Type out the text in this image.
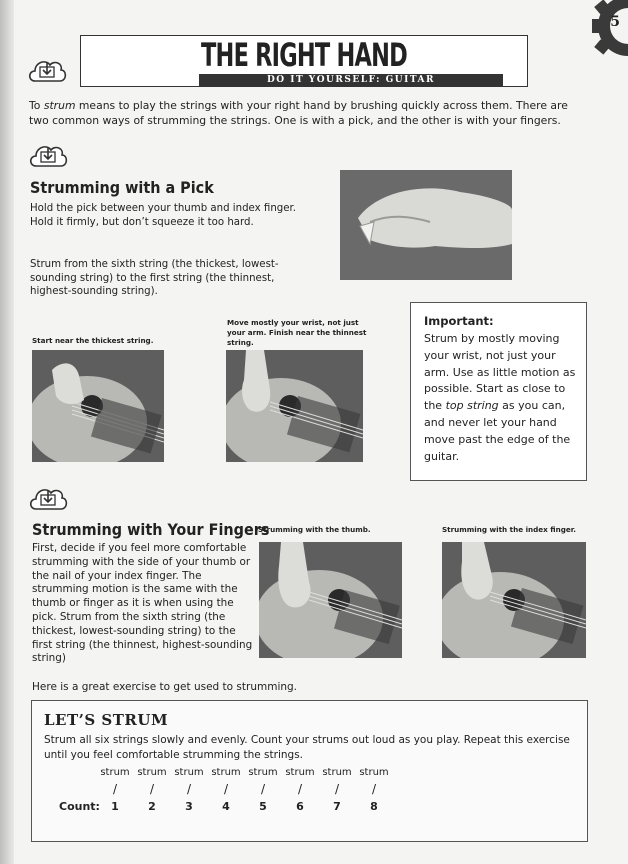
5
THE RIGHT HAND
DO IT YOURSELF: GUITAR
To strum means to play the strings with your right hand by brushing quickly across them. There are two common ways of strumming the strings. One is with a pick, and the other is with your fingers.
Strumming with a Pick
Hold the pick between your thumb and index finger. Hold it firmly, but don’t squeeze it too hard.
Strum from the sixth string (the thickest, lowest-sounding string) to the first string (the thinnest, highest-sounding string).
Start near the thickest string.
Move mostly your wrist, not just your arm. Finish near the thinnest string.
Important:
Strum by mostly moving your wrist, not just your arm. Use as little motion as possible. Start as close to the top string as you can, and never let your hand move past the edge of the guitar.
Strumming with Your Fingers
First, decide if you feel more comfortable strumming with the side of your thumb or the nail of your index finger. The strumming motion is the same with the thumb or finger as it is when using the pick. Strum from the sixth string (the thickest, lowest-sounding string) to the first string (the thinnest, highest-sounding string)
Strumming with the thumb.	Strumming with the index finger.
Here is a great exercise to get used to strumming.
LET’S STRUM
Strum all six strings slowly and evenly. Count your strums out loud as you play. Repeat this exercise until you feel comfortable strumming the strings.
Count:
strum
/
1
strum
/
2
strum
/
3
strum
/
4
strum
/
5
strum
/
6
strum
/
7
strum
/
8
